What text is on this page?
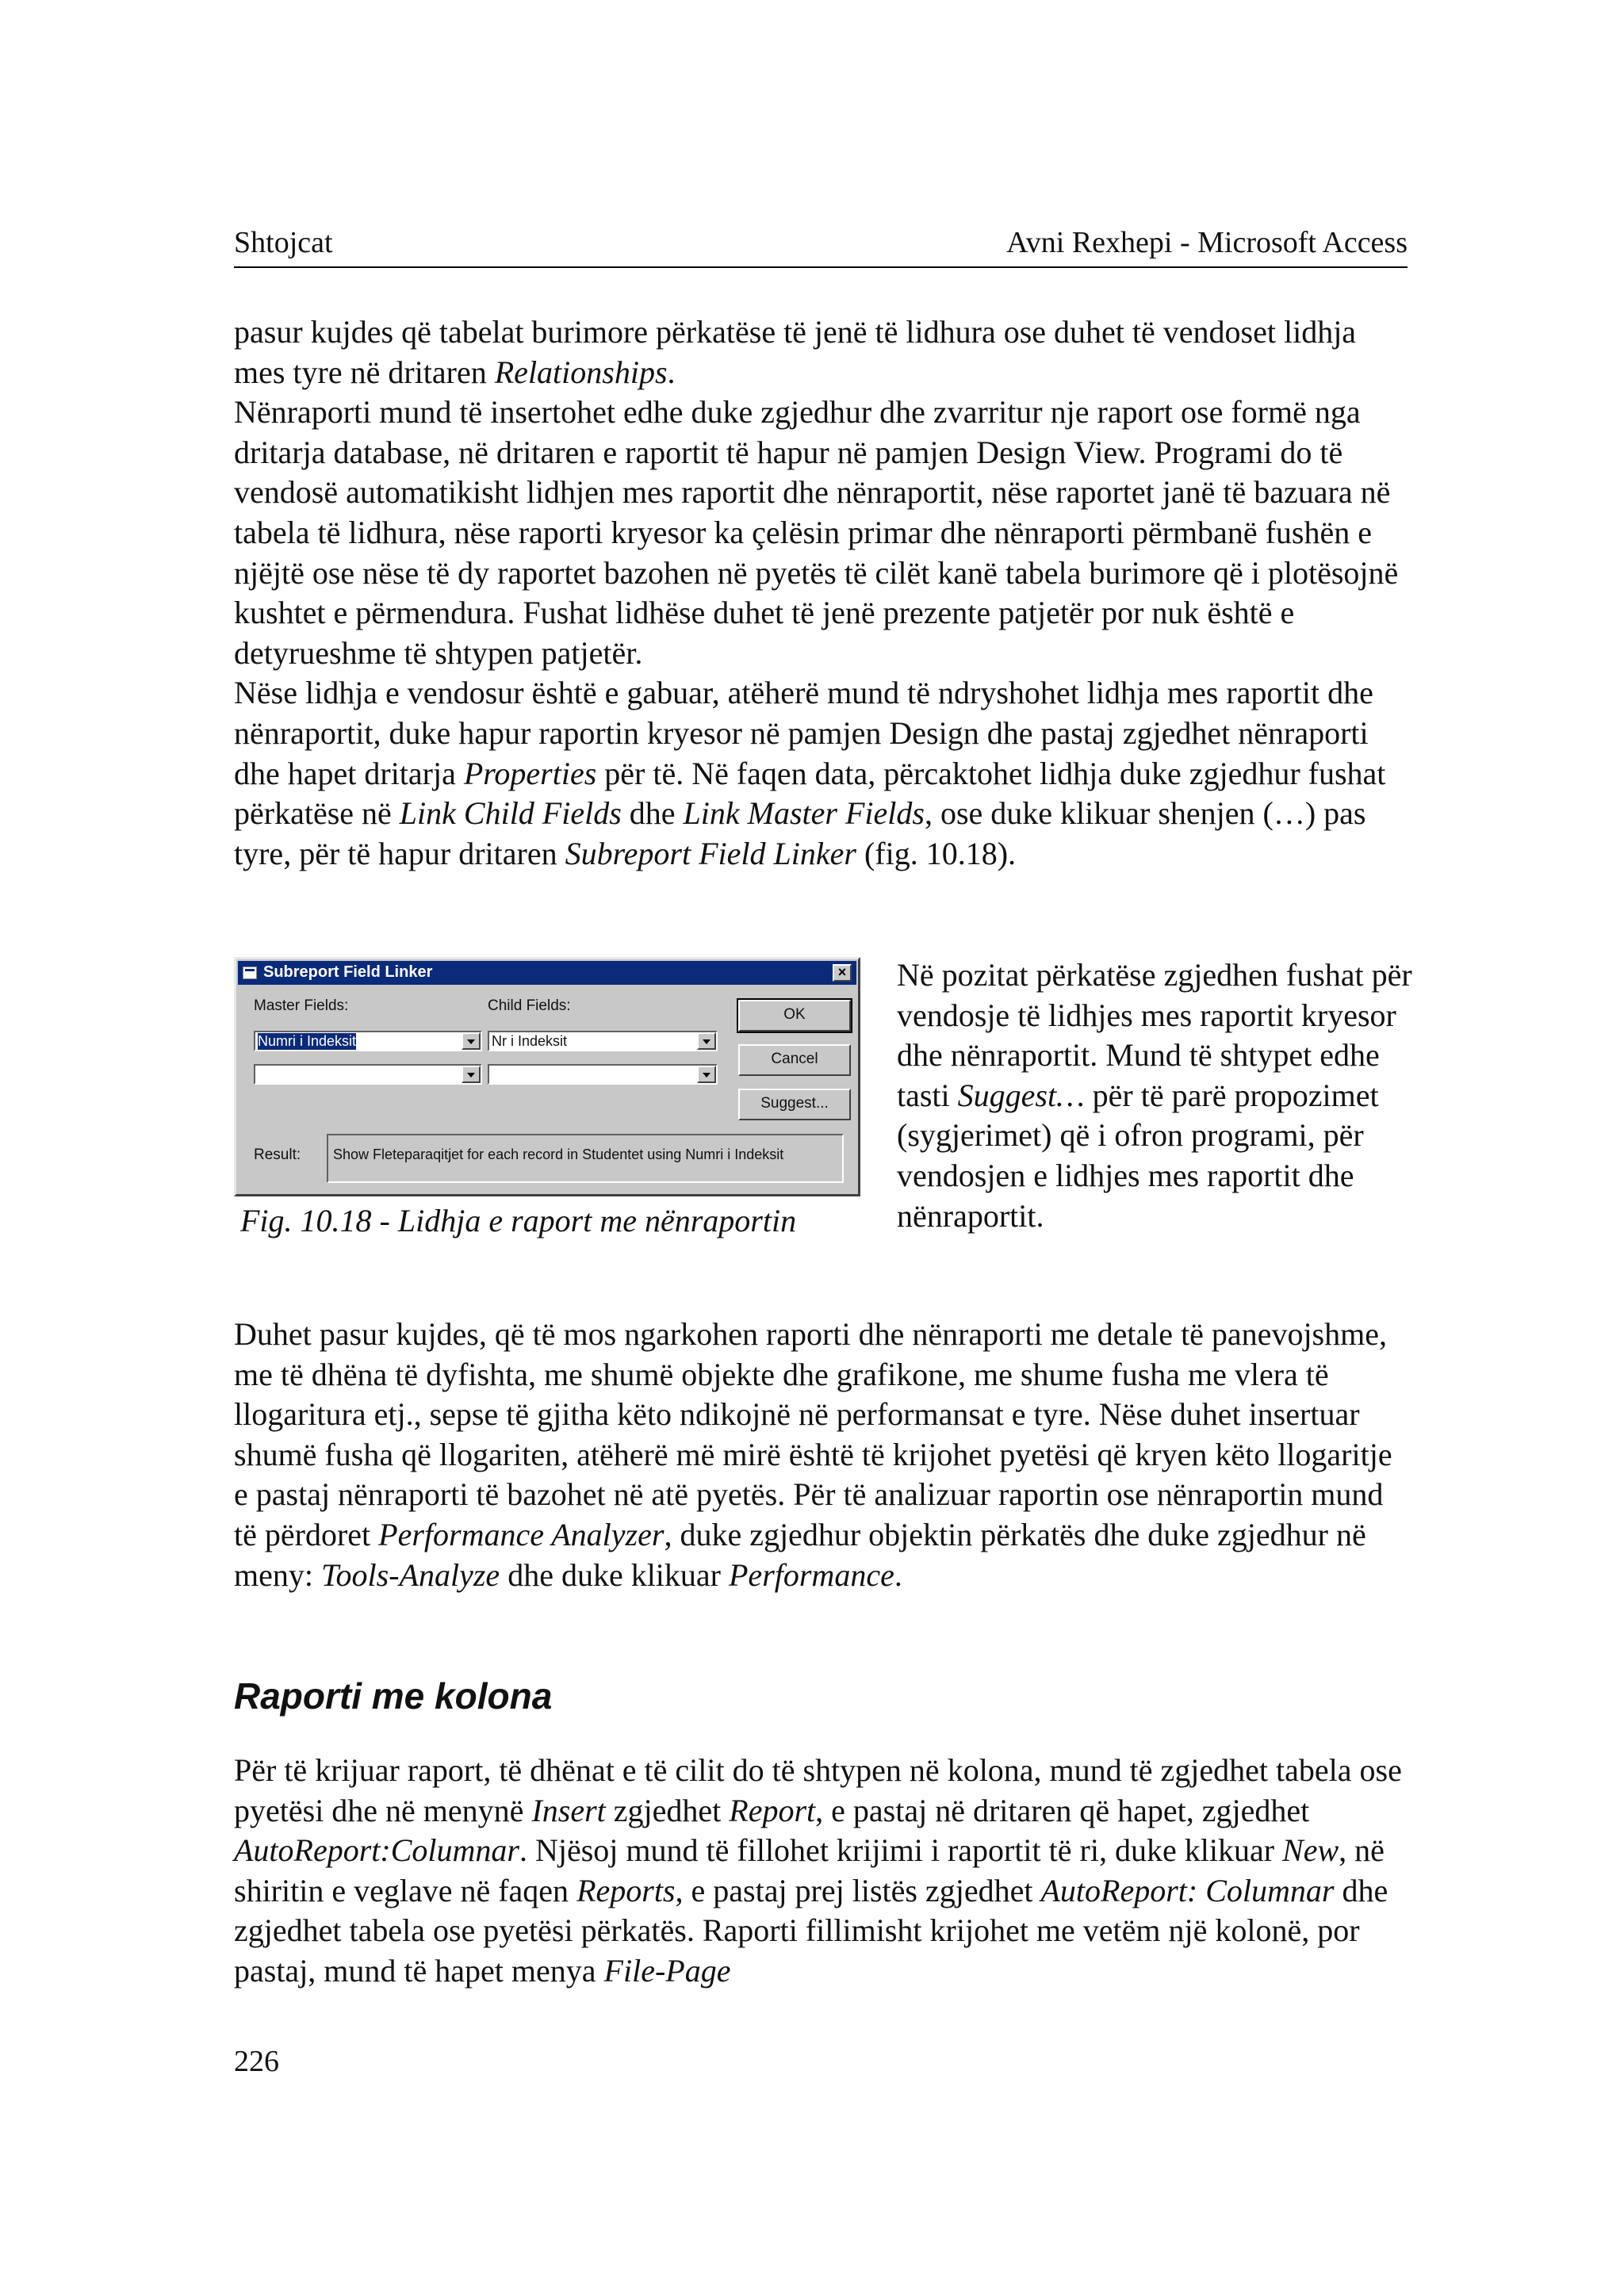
Shtojcat	Avni Rexhepi - Microsoft Access
pasur kujdes që tabelat burimore përkatëse të jenë të lidhura ose duhet të vendoset lidhja mes tyre në dritaren Relationships.
Nënraporti mund të insertohet edhe duke zgjedhur dhe zvarritur nje raport ose formë nga dritarja database, në dritaren e raportit të hapur në pamjen Design View. Programi do të vendosë automatikisht lidhjen mes raportit dhe nënraportit, nëse raportet janë të bazuara në tabela të lidhura, nëse raporti kryesor ka çelësin primar dhe nënraporti përmbanë fushën e njëjtë ose nëse të dy raportet bazohen në pyetës të cilët kanë tabela burimore që i plotësojnë kushtet e përmendura. Fushat lidhëse duhet të jenë prezente patjetër por nuk është e detyrueshme të shtypen patjetër.
Nëse lidhja e vendosur është e gabuar, atëherë mund të ndryshohet lidhja mes raportit dhe nënraportit, duke hapur raportin kryesor në pamjen Design dhe pastaj zgjedhet nënraporti dhe hapet dritarja Properties për të. Në faqen data, përcaktohet lidhja duke zgjedhur fushat përkatëse në Link Child Fields dhe Link Master Fields, ose duke klikuar shenjen (…) pas tyre, për të hapur dritaren Subreport Field Linker (fig. 10.18).
Subreport Field Linker	×
Master Fields:	Child Fields:
Numri i Indeksit	Nr i Indeksit
OK
Cancel
Suggest...
Result:	Show Fleteparaqitjet for each record in Studentet using Numri i Indeksit
Fig. 10.18 - Lidhja e raport me nënraportin
Në pozitat përkatëse zgjedhen fushat për vendosje të lidhjes mes raportit kryesor dhe nënraportit. Mund të shtypet edhe tasti Suggest… për të parë propozimet (sygjerimet) që i ofron programi, për vendosjen e lidhjes mes raportit dhe nënraportit.
Duhet pasur kujdes, që të mos ngarkohen raporti dhe nënraporti me detale të panevojshme, me të dhëna të dyfishta, me shumë objekte dhe grafikone, me shume fusha me vlera të llogaritura etj., sepse të gjitha këto ndikojnë në performansat e tyre. Nëse duhet insertuar shumë fusha që llogariten, atëherë më mirë është të krijohet pyetësi që kryen këto llogaritje e pastaj nënraporti të bazohet në atë pyetës. Për të analizuar raportin ose nënraportin mund të përdoret Performance Analyzer, duke zgjedhur objektin përkatës dhe duke zgjedhur në meny: Tools-Analyze dhe duke klikuar Performance.
Raporti me kolona
Për të krijuar raport, të dhënat e të cilit do të shtypen në kolona, mund të zgjedhet tabela ose pyetësi dhe në menynë Insert zgjedhet Report, e pastaj në dritaren që hapet, zgjedhet AutoReport:Columnar. Njësoj mund të fillohet krijimi i raportit të ri, duke klikuar New, në shiritin e veglave në faqen Reports, e pastaj prej listës zgjedhet AutoReport: Columnar dhe zgjedhet tabela ose pyetësi përkatës. Raporti fillimisht krijohet me vetëm një kolonë, por pastaj, mund të hapet menya File-Page
226
